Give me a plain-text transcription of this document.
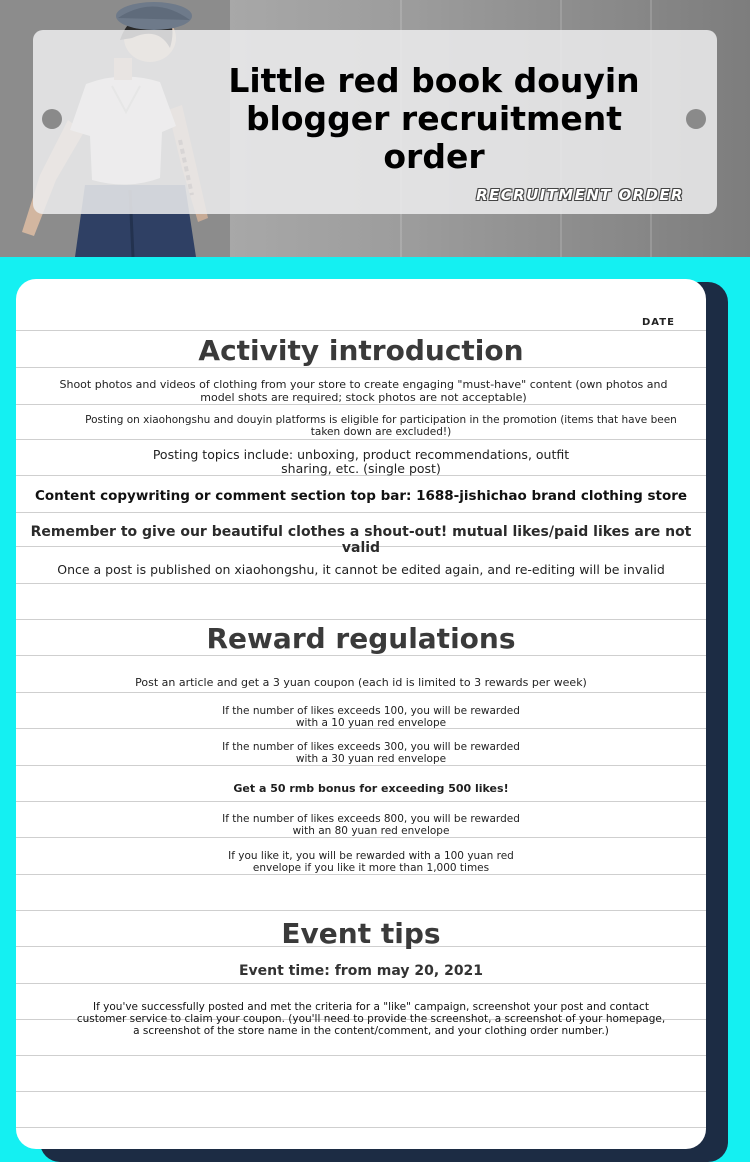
Little red book douyin blogger recruitment order
RECRUITMENT ORDER
DATE
Activity introduction
Shoot photos and videos of clothing from your store to create engaging "must-have" content (own photos and model shots are required; stock photos are not acceptable)
Posting on xiaohongshu and douyin platforms is eligible for participation in the promotion (items that have been taken down are excluded!)
Posting topics include: unboxing, product recommendations, outfit sharing, etc. (single post)
Content copywriting or comment section top bar: 1688-jishichao brand clothing store
Remember to give our beautiful clothes a shout-out! mutual likes/paid likes are not valid
Once a post is published on xiaohongshu, it cannot be edited again, and re-editing will be invalid
Reward regulations
Post an article and get a 3 yuan coupon (each id is limited to 3 rewards per week)
If the number of likes exceeds 100, you will be rewarded with a 10 yuan red envelope
If the number of likes exceeds 300, you will be rewarded with a 30 yuan red envelope
Get a 50 rmb bonus for exceeding 500 likes!
If the number of likes exceeds 800, you will be rewarded with an 80 yuan red envelope
If you like it, you will be rewarded with a 100 yuan red envelope if you like it more than 1,000 times
Event tips
Event time: from may 20, 2021
If you've successfully posted and met the criteria for a "like" campaign, screenshot your post and contact customer service to claim your coupon. (you'll need to provide the screenshot, a screenshot of your homepage, a screenshot of the store name in the content/comment, and your clothing order number.)
